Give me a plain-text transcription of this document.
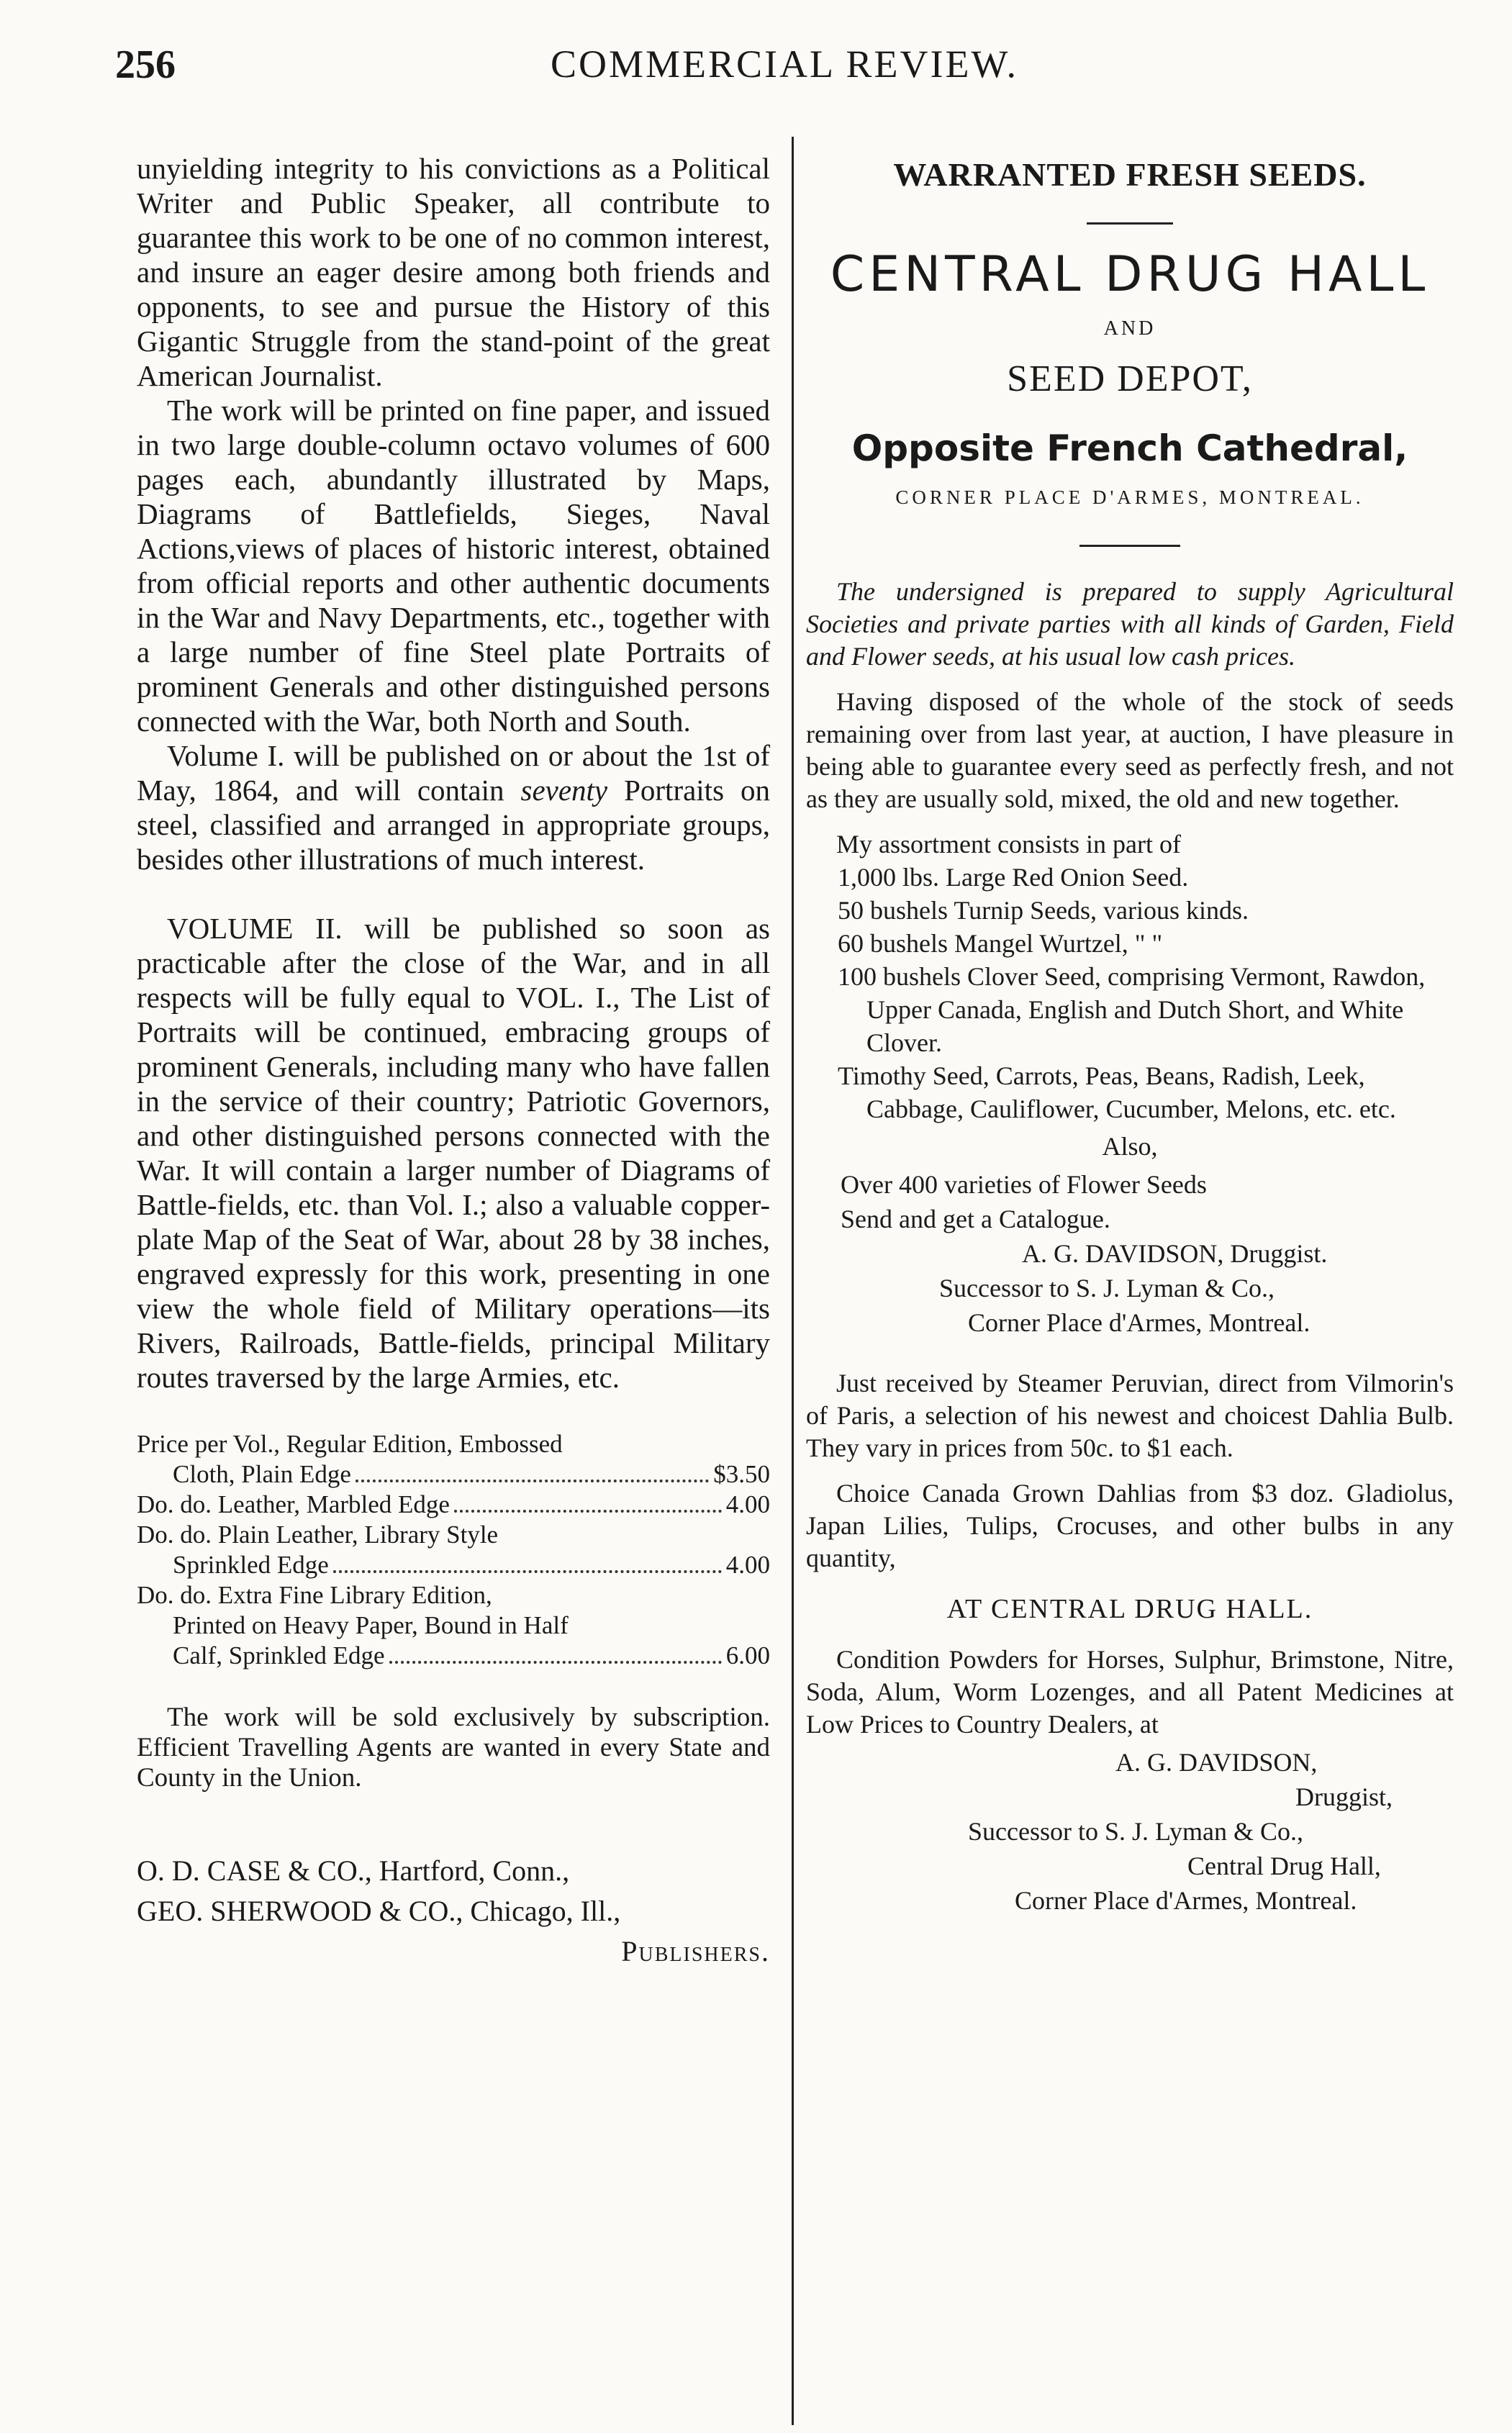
256	COMMERCIAL REVIEW.

unyielding integrity to his convictions as a Political Writer and Public Speaker, all contribute to guarantee this work to be one of no common interest, and insure an eager desire among both friends and opponents, to see and pursue the History of this Gigantic Struggle from the stand-point of the great American Journalist.

The work will be printed on fine paper, and issued in two large double-column octavo volumes of 600 pages each, abundantly illustrated by Maps, Diagrams of Battlefields, Sieges, Naval Actions,views of places of historic interest, obtained from official reports and other authentic documents in the War and Navy Departments, etc., together with a large number of fine Steel plate Portraits of prominent Generals and other distinguished persons connected with the War, both North and South.

Volume I. will be published on or about the 1st of May, 1864, and will contain seventy Portraits on steel, classified and arranged in appropriate groups, besides other illustrations of much interest.

VOLUME II. will be published so soon as practicable after the close of the War, and in all respects will be fully equal to VOL. I., The List of Portraits will be continued, embracing groups of prominent Generals, including many who have fallen in the service of their country; Patriotic Governors, and other distinguished persons connected with the War. It will contain a larger number of Diagrams of Battle-fields, etc. than Vol. I.; also a valuable copper-plate Map of the Seat of War, about 28 by 38 inches, engraved expressly for this work, presenting in one view the whole field of Military operations—its Rivers, Railroads, Battle-fields, principal Military routes traversed by the large Armies, etc.

Price per Vol., Regular Edition, Embossed
Cloth, Plain Edge	$3.50
Do. do. Leather, Marbled Edge	4.00
Do. do. Plain Leather, Library Style
Sprinkled Edge	4.00
Do. do. Extra Fine Library Edition,
Printed on Heavy Paper, Bound in Half
Calf, Sprinkled Edge	6.00

The work will be sold exclusively by subscription. Efficient Travelling Agents are wanted in every State and County in the Union.

O. D. CASE & CO., Hartford, Conn.,
GEO. SHERWOOD & CO., Chicago, Ill.,
Publishers.
WARRANTED FRESH SEEDS.
CENTRAL DRUG HALL
AND
SEED DEPOT,
Opposite French Cathedral,
CORNER PLACE D'ARMES, MONTREAL.

The undersigned is prepared to supply Agricultural Societies and private parties with all kinds of Garden, Field and Flower seeds, at his usual low cash prices.

Having disposed of the whole of the stock of seeds remaining over from last year, at auction, I have pleasure in being able to guarantee every seed as perfectly fresh, and not as they are usually sold, mixed, the old and new together.

My assortment consists in part of

1,000 lbs. Large Red Onion Seed.

50 bushels Turnip Seeds, various kinds.

60 bushels Mangel Wurtzel, " "

100 bushels Clover Seed, comprising Vermont, Rawdon, Upper Canada, English and Dutch Short, and White Clover.

Timothy Seed, Carrots, Peas, Beans, Radish, Leek, Cabbage, Cauliflower, Cucumber, Melons, etc. etc.

Also,

Over 400 varieties of Flower Seeds

Send and get a Catalogue.

A. G. DAVIDSON, Druggist.

Successor to S. J. Lyman & Co.,

Corner Place d'Armes, Montreal.

Just received by Steamer Peruvian, direct from Vilmorin's of Paris, a selection of his newest and choicest Dahlia Bulb. They vary in prices from 50c. to $1 each.

Choice Canada Grown Dahlias from $3 doz. Gladiolus, Japan Lilies, Tulips, Crocuses, and other bulbs in any quantity,

AT CENTRAL DRUG HALL.

Condition Powders for Horses, Sulphur, Brimstone, Nitre, Soda, Alum, Worm Lozenges, and all Patent Medicines at Low Prices to Country Dealers, at

A. G. DAVIDSON,

Druggist,

Successor to S. J. Lyman & Co.,

Central Drug Hall,

Corner Place d'Armes, Montreal.
